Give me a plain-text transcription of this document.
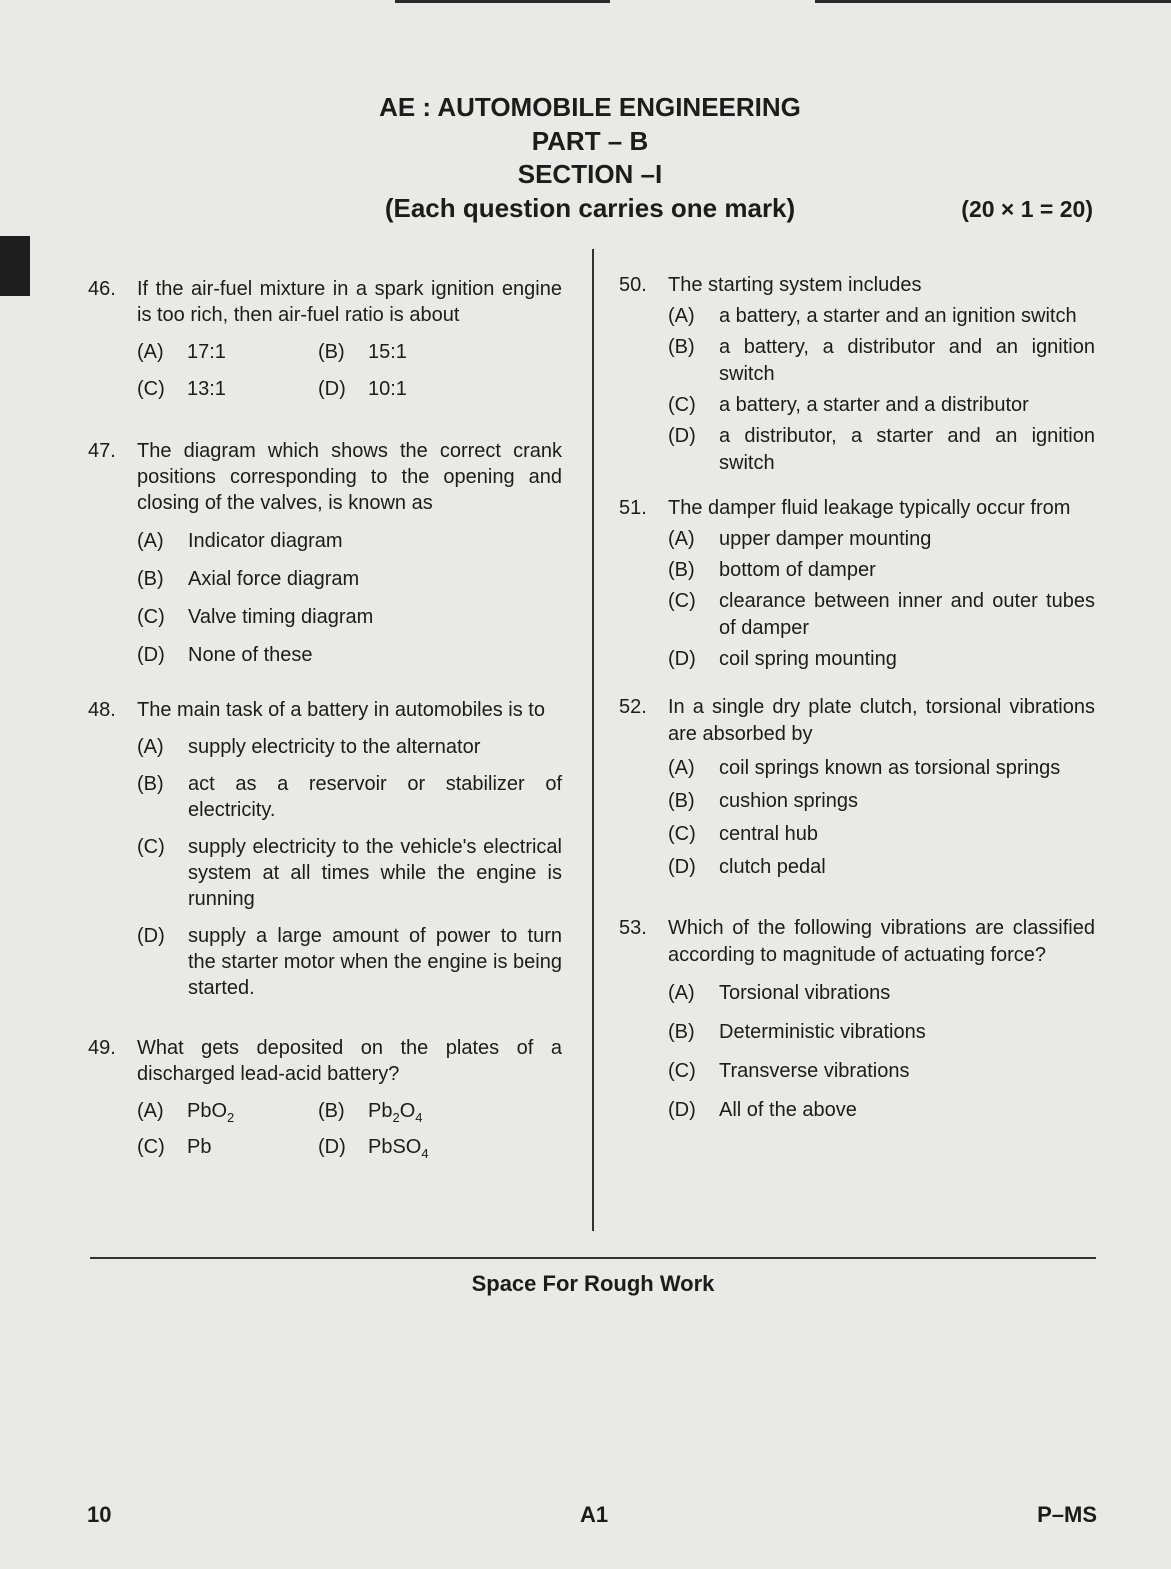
AE : AUTOMOBILE ENGINEERING
PART – B
SECTION –I
(Each question carries one mark)	(20 × 1 = 20)
46. If the air-fuel mixture in a spark ignition engine is too rich, then air-fuel ratio is about
(A) 17:1	(B) 15:1
(C) 13:1	(D) 10:1
47. The diagram which shows the correct crank positions corresponding to the opening and closing of the valves, is known as
(A) Indicator diagram
(B) Axial force diagram
(C) Valve timing diagram
(D) None of these
48. The main task of a battery in automobiles is to
(A) supply electricity to the alternator
(B) act as a reservoir or stabilizer of electricity.
(C) supply electricity to the vehicle's electrical system at all times while the engine is running
(D) supply a large amount of power to turn the starter motor when the engine is being started.
49. What gets deposited on the plates of a discharged lead-acid battery?
(A) PbO$_2$	(B) $Pb_2O_4$
(C) Pb	(D) PbSO$_4$
50. The starting system includes
(A) a battery, a starter and an ignition switch
(B) a battery, a distributor and an ignition switch
(C) a battery, a starter and a distributor
(D) a distributor, a starter and an ignition switch
51. The damper fluid leakage typically occur from
(A) upper damper mounting
(B) bottom of damper
(C) clearance between inner and outer tubes of damper
(D) coil spring mounting
52. In a single dry plate clutch, torsional vibrations are absorbed by
(A) coil springs known as torsional springs
(B) cushion springs
(C) central hub
(D) clutch pedal
53. Which of the following vibrations are classified according to magnitude of actuating force?
(A) Torsional vibrations
(B) Deterministic vibrations
(C) Transverse vibrations
(D) All of the above
Space For Rough Work
10	A1	P–MS
